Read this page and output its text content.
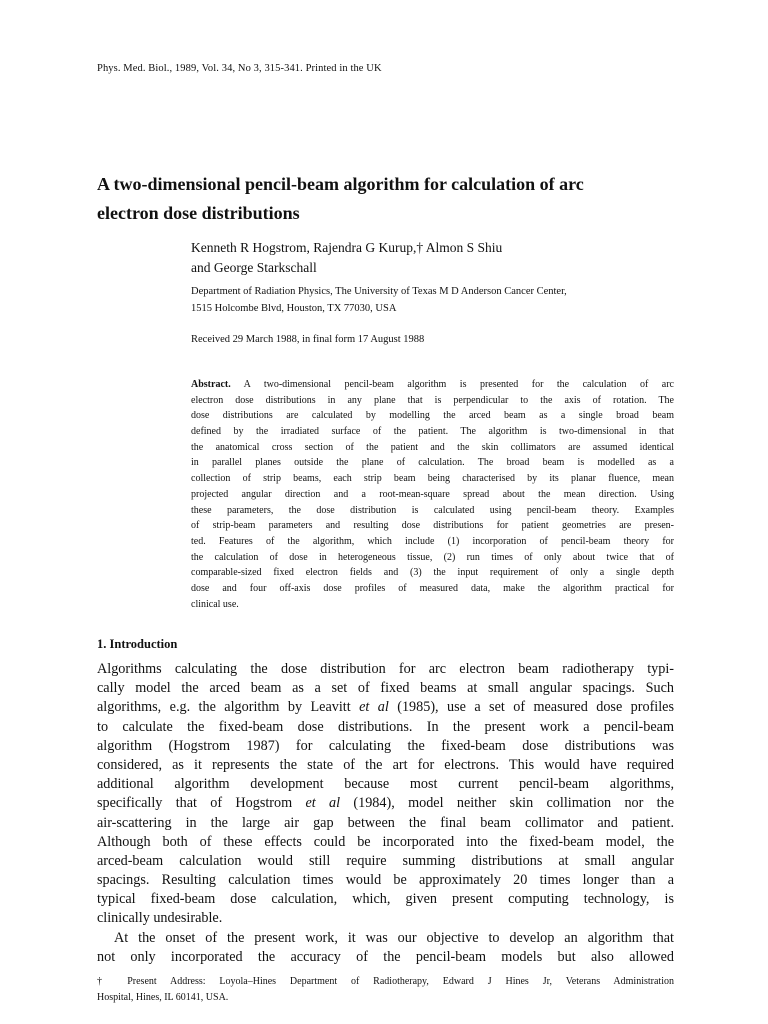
Phys. Med. Biol., 1989, Vol. 34, No 3, 315-341. Printed in the UK
A two-dimensional pencil-beam algorithm for calculation of arc
electron dose distributions
Kenneth R Hogstrom, Rajendra G Kurup,† Almon S Shiu
and George Starkschall
Department of Radiation Physics, The University of Texas M D Anderson Cancer Center,
1515 Holcombe Blvd, Houston, TX 77030, USA
Received 29 March 1988, in final form 17 August 1988
Abstract. A two-dimensional pencil-beam algorithm is presented for the calculation of arc
electron dose distributions in any plane that is perpendicular to the axis of rotation. The
dose distributions are calculated by modelling the arced beam as a single broad beam
defined by the irradiated surface of the patient. The algorithm is two-dimensional in that
the anatomical cross section of the patient and the skin collimators are assumed identical
in parallel planes outside the plane of calculation. The broad beam is modelled as a
collection of strip beams, each strip beam being characterised by its planar fluence, mean
projected angular direction and a root-mean-square spread about the mean direction. Using
these parameters, the dose distribution is calculated using pencil-beam theory. Examples
of strip-beam parameters and resulting dose distributions for patient geometries are presen-
ted. Features of the algorithm, which include (1) incorporation of pencil-beam theory for
the calculation of dose in heterogeneous tissue, (2) run times of only about twice that of
comparable-sized fixed electron fields and (3) the input requirement of only a single depth
dose and four off-axis dose profiles of measured data, make the algorithm practical for
clinical use.
1. Introduction
Algorithms calculating the dose distribution for arc electron beam radiotherapy typi-
cally model the arced beam as a set of fixed beams at small angular spacings. Such
algorithms, e.g. the algorithm by Leavitt et al (1985), use a set of measured dose profiles
to calculate the fixed-beam dose distributions. In the present work a pencil-beam
algorithm (Hogstrom 1987) for calculating the fixed-beam dose distributions was
considered, as it represents the state of the art for electrons. This would have required
additional algorithm development because most current pencil-beam algorithms,
specifically that of Hogstrom et al (1984), model neither skin collimation nor the
air-scattering in the large air gap between the final beam collimator and patient.
Although both of these effects could be incorporated into the fixed-beam model, the
arced-beam calculation would still require summing distributions at small angular
spacings. Resulting calculation times would be approximately 20 times longer than a
typical fixed-beam dose calculation, which, given present computing technology, is
clinically undesirable.
At the onset of the present work, it was our objective to develop an algorithm that
not only incorporated the accuracy of the pencil-beam models but also allowed
† Present Address: Loyola–Hines Department of Radiotherapy, Edward J Hines Jr, Veterans Administration
Hospital, Hines, IL 60141, USA.
